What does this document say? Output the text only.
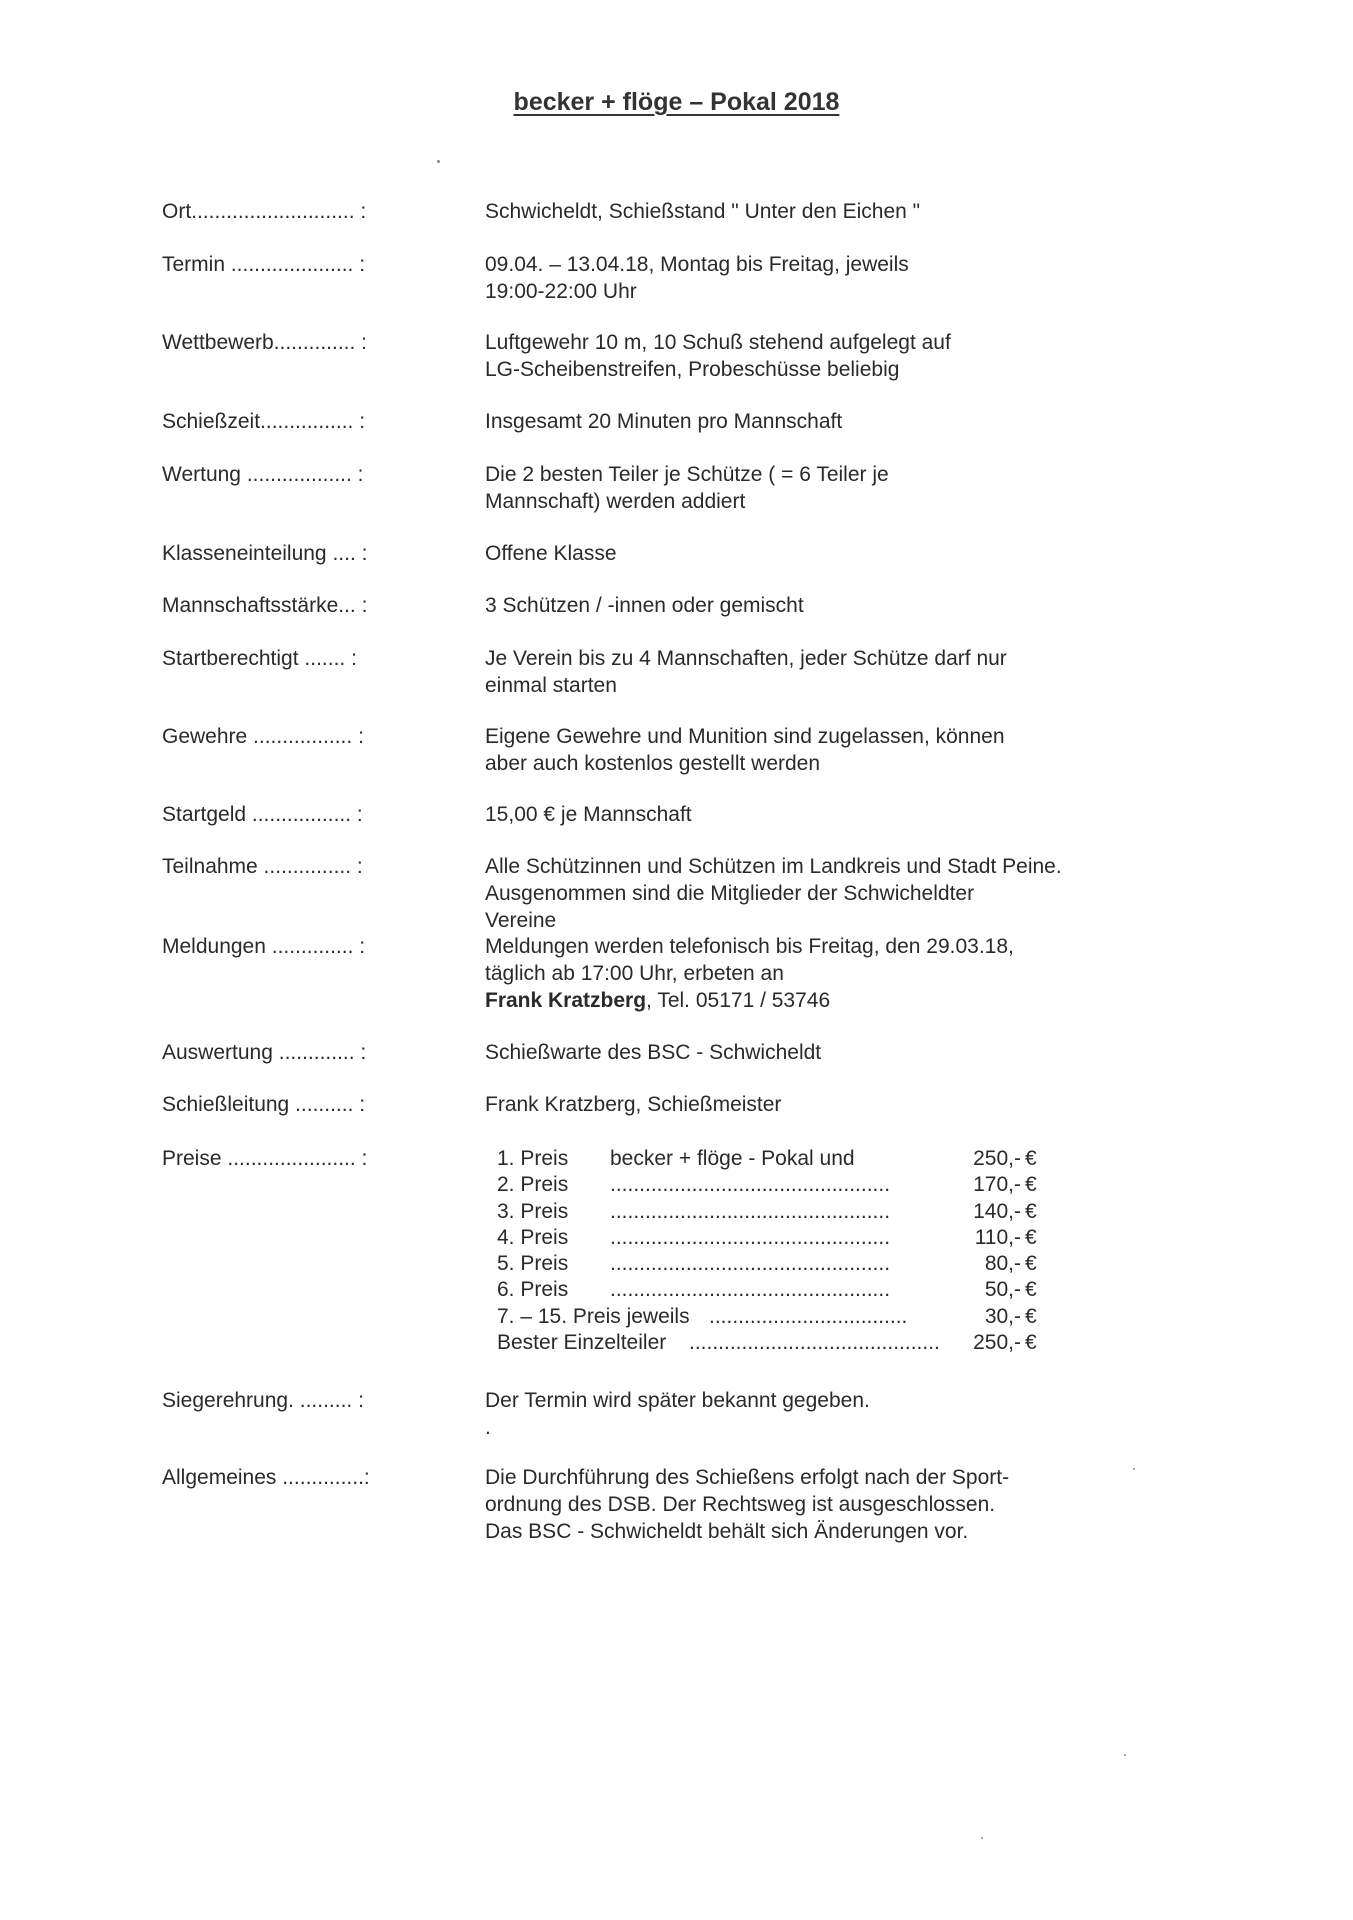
becker + flöge – Pokal 2018
Ort............................ :	Schwicheldt, Schießstand " Unter den Eichen "
Termin ..................... :	09.04. – 13.04.18, Montag bis Freitag, jeweils
19:00-22:00 Uhr
Wettbewerb.............. :	Luftgewehr 10 m, 10 Schuß stehend aufgelegt auf
LG-Scheibenstreifen, Probeschüsse beliebig
Schießzeit................ :	Insgesamt 20 Minuten pro Mannschaft
Wertung .................. :	Die 2 besten Teiler je Schütze ( = 6 Teiler je
Mannschaft) werden addiert
Klasseneinteilung .... :	Offene Klasse
Mannschaftsstärke... :	3 Schützen / -innen oder gemischt
Startberechtigt ....... :	Je Verein bis zu 4 Mannschaften, jeder Schütze darf nur
einmal starten
Gewehre ................. :	Eigene Gewehre und Munition sind zugelassen, können
aber auch kostenlos gestellt werden
Startgeld ................. :	15,00 € je Mannschaft
Teilnahme ............... :	Alle Schützinnen und Schützen im Landkreis und Stadt Peine.
Ausgenommen sind die Mitglieder der Schwicheldter
Vereine
Meldungen .............. :	Meldungen werden telefonisch bis Freitag, den 29.03.18,
täglich ab 17:00 Uhr, erbeten an
Frank Kratzberg, Tel. 05171 / 53746
Auswertung ............. :	Schießwarte des BSC - Schwicheldt
Schießleitung .......... :	Frank Kratzberg, Schießmeister
Preise ...................... :	1. Preis becker + flöge - Pokal und	250,- €
2. Preis ................................................	170,- €
3. Preis ................................................	140,- €
4. Preis ................................................	110,- €
5. Preis ................................................	80,- €
6. Preis ................................................	50,- €
7. – 15. Preis jeweils ..................................	30,- €
Bester Einzelteiler ...........................................	250,- €
Siegerehrung. ......... :	Der Termin wird später bekannt gegeben.
.
Allgemeines ..............:	Die Durchführung des Schießens erfolgt nach der Sport-
ordnung des DSB. Der Rechtsweg ist ausgeschlossen.
Das BSC - Schwicheldt behält sich Änderungen vor.
